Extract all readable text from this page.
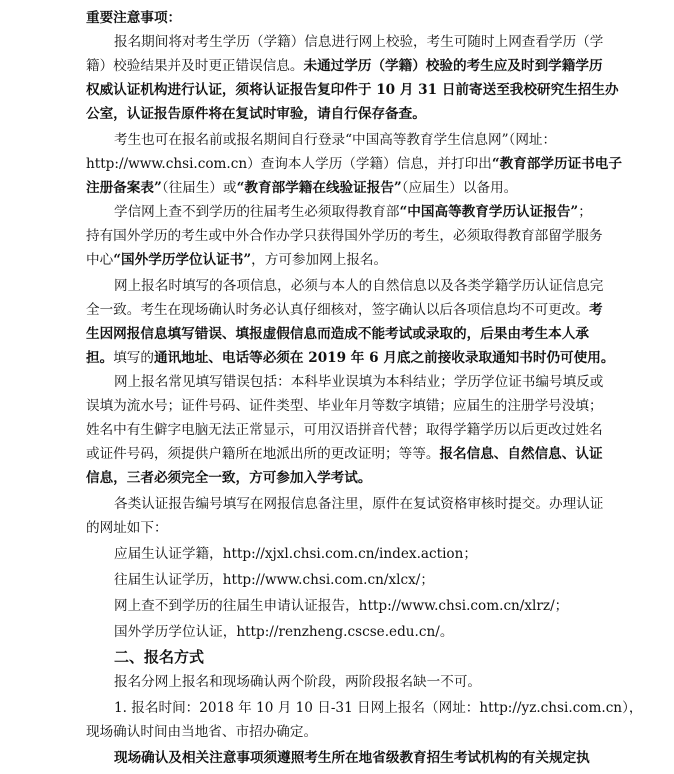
重要注意事项：
报名期间将对考生学历（学籍）信息进行网上校验，考生可随时上网查看学历（学
籍）校验结果并及时更正错误信息。未通过学历（学籍）校验的考生应及时到学籍学历
权威认证机构进行认证，须将认证报告复印件于 10 月 31 日前寄送至我校研究生招生办
公室，认证报告原件将在复试时审验，请自行保存备查。
考生也可在报名前或报名期间自行登录“中国高等教育学生信息网”（网址：
http://www.chsi.com.cn）查询本人学历（学籍）信息，并打印出“教育部学历证书电子
注册备案表”（往届生）或“教育部学籍在线验证报告”（应届生）以备用。
学信网上查不到学历的往届考生必须取得教育部“中国高等教育学历认证报告”；
持有国外学历的考生或中外合作办学只获得国外学历的考生，必须取得教育部留学服务
中心“国外学历学位认证书”，方可参加网上报名。
网上报名时填写的各项信息，必须与本人的自然信息以及各类学籍学历认证信息完
全一致。考生在现场确认时务必认真仔细核对，签字确认以后各项信息均不可更改。考
生因网报信息填写错误、填报虚假信息而造成不能考试或录取的，后果由考生本人承
担。填写的通讯地址、电话等必须在 2019 年 6 月底之前接收录取通知书时仍可使用。
网上报名常见填写错误包括：本科毕业误填为本科结业；学历学位证书编号填反或
误填为流水号；证件号码、证件类型、毕业年月等数字填错；应届生的注册学号没填；
姓名中有生僻字电脑无法正常显示，可用汉语拼音代替；取得学籍学历以后更改过姓名
或证件号码，须提供户籍所在地派出所的更改证明；等等。报名信息、自然信息、认证
信息，三者必须完全一致，方可参加入学考试。
各类认证报告编号填写在网报信息备注里，原件在复试资格审核时提交。办理认证
的网址如下：
应届生认证学籍，http://xjxl.chsi.com.cn/index.action；
往届生认证学历，http://www.chsi.com.cn/xlcx/；
网上查不到学历的往届生申请认证报告，http://www.chsi.com.cn/xlrz/；
国外学历学位认证，http://renzheng.cscse.edu.cn/。
二、报名方式
报名分网上报名和现场确认两个阶段，两阶段报名缺一不可。
1. 报名时间：2018 年 10 月 10 日-31 日网上报名（网址：http://yz.chsi.com.cn），
现场确认时间由当地省、市招办确定。
现场确认及相关注意事项须遵照考生所在地省级教育招生考试机构的有关规定执
